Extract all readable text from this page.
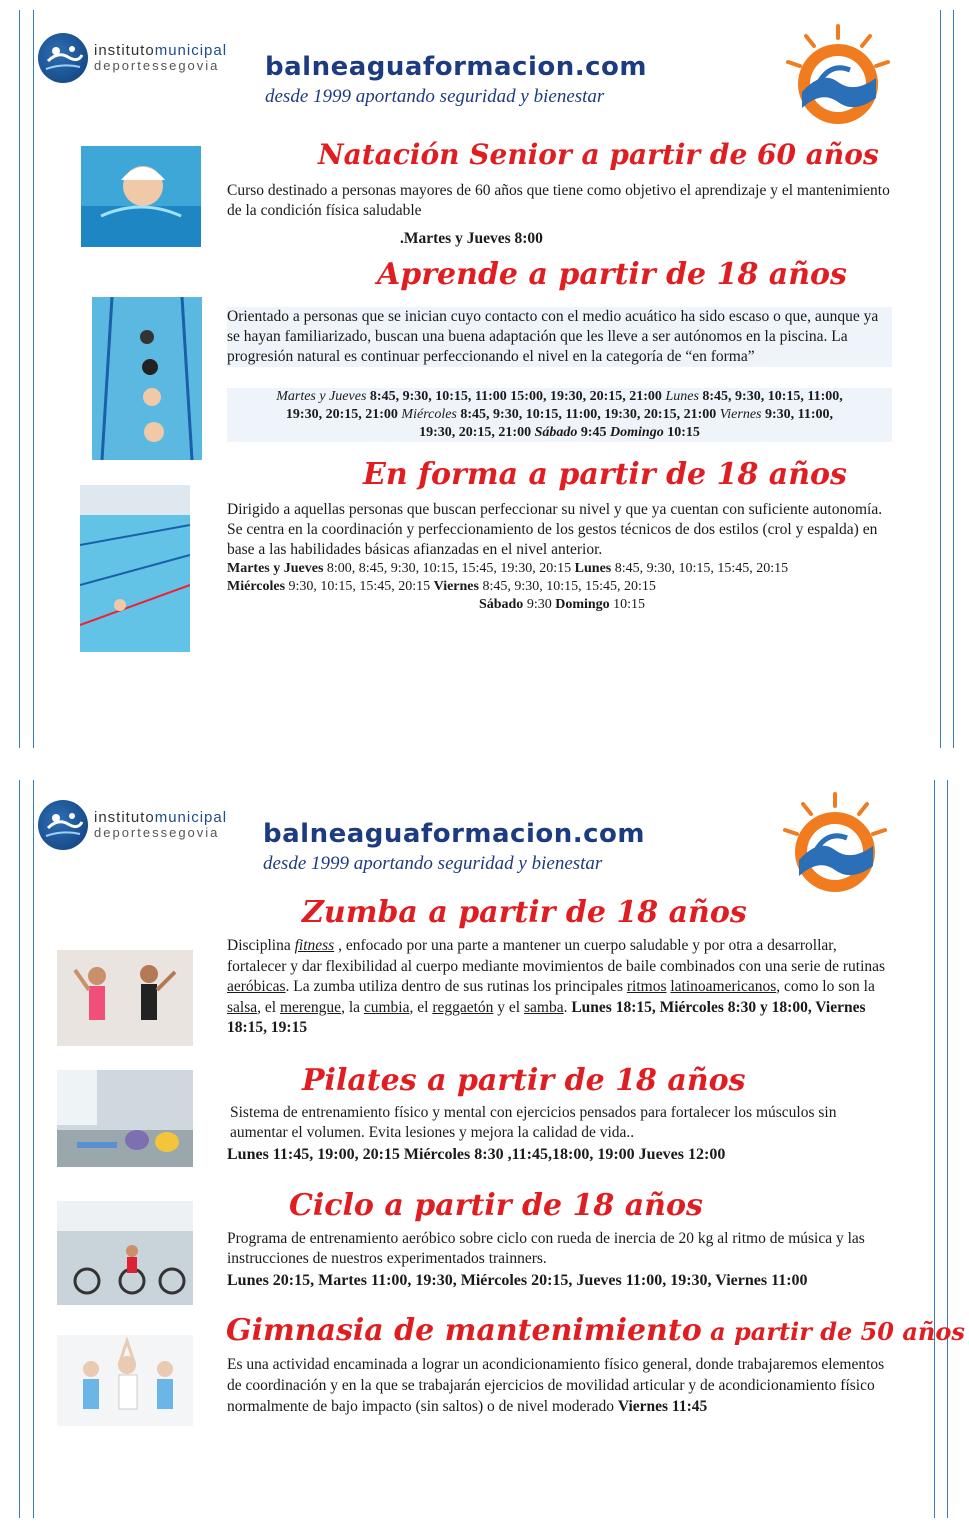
institutomunicipal
deportessegovia balneaguaformacion.com
desde 1999 aportando seguridad y bienestar
Natación Senior a partir de 60 años
Curso destinado a personas mayores de 60 años que tiene como objetivo el aprendizaje y el mantenimiento de la condición física saludable
.Martes y Jueves 8:00
Aprende a partir de 18 años
Orientado a personas que se inician cuyo contacto con el medio acuático ha sido escaso o que, aunque ya se hayan familiarizado, buscan una buena adaptación que les lleve a ser autónomos en la piscina. La progresión natural es continuar perfeccionando el nivel en la categoría de “en forma”
Martes y Jueves 8:45, 9:30, 10:15, 11:00 15:00, 19:30, 20:15, 21:00 Lunes 8:45, 9:30, 10:15, 11:00,
19:30, 20:15, 21:00 Miércoles 8:45, 9:30, 10:15, 11:00, 19:30, 20:15, 21:00 Viernes 9:30, 11:00,
19:30, 20:15, 21:00 Sábado 9:45 Domingo 10:15
En forma a partir de 18 años
Dirigido a aquellas personas que buscan perfeccionar su nivel y que ya cuentan con suficiente autonomía. Se centra en la coordinación y perfeccionamiento de los gestos técnicos de dos estilos (crol y espalda) en base a las habilidades básicas afianzadas en el nivel anterior.
Martes y Jueves 8:00, 8:45, 9:30, 10:15, 15:45, 19:30, 20:15 Lunes 8:45, 9:30, 10:15, 15:45, 20:15
Miércoles 9:30, 10:15, 15:45, 20:15 Viernes 8:45, 9:30, 10:15, 15:45, 20:15
Sábado 9:30 Domingo 10:15
institutomunicipal
deportessegovia balneaguaformacion.com
desde 1999 aportando seguridad y bienestar
Zumba a partir de 18 años
Disciplina fitness , enfocado por una parte a mantener un cuerpo saludable y por otra a desarrollar, fortalecer y dar flexibilidad al cuerpo mediante movimientos de baile combinados con una serie de rutinas aeróbicas. La zumba utiliza dentro de sus rutinas los principales ritmos latinoamericanos, como lo son la salsa, el merengue, la cumbia, el reggaetón y el samba. Lunes 18:15, Miércoles 8:30 y 18:00, Viernes 18:15, 19:15
Pilates a partir de 18 años
Sistema de entrenamiento físico y mental con ejercicios pensados para fortalecer los músculos sin aumentar el volumen. Evita lesiones y mejora la calidad de vida..
Lunes 11:45, 19:00, 20:15 Miércoles 8:30 ,11:45,18:00, 19:00 Jueves 12:00
Ciclo a partir de 18 años
Programa de entrenamiento aeróbico sobre ciclo con rueda de inercia de 20 kg al ritmo de música y las instrucciones de nuestros experimentados trainners.
Lunes 20:15, Martes 11:00, 19:30, Miércoles 20:15, Jueves 11:00, 19:30, Viernes 11:00
Gimnasia de mantenimiento a partir de 50 años
Es una actividad encaminada a lograr un acondicionamiento físico general, donde trabajaremos elementos de coordinación y en la que se trabajarán ejercicios de movilidad articular y de acondicionamiento físico normalmente de bajo impacto (sin saltos) o de nivel moderado Viernes 11:45
